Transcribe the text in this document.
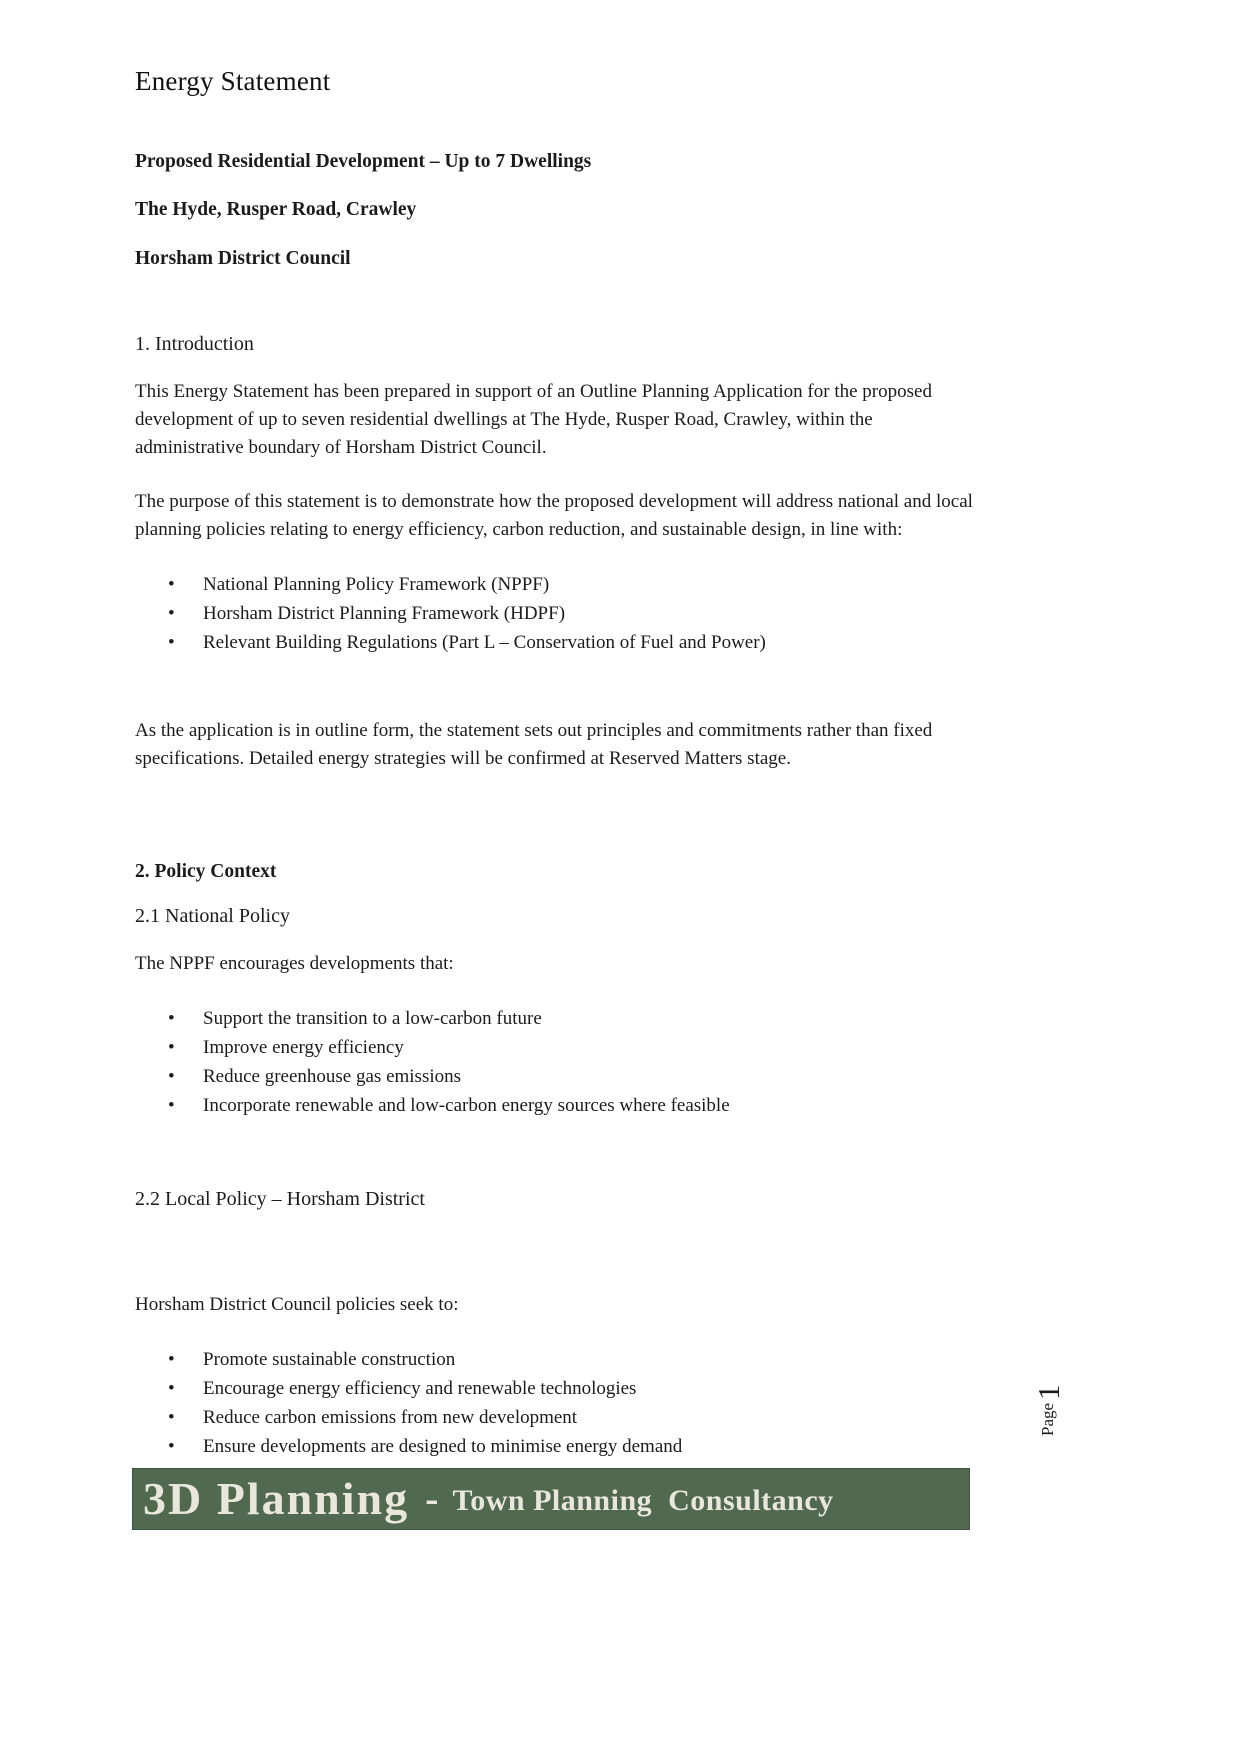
Energy Statement
Proposed Residential Development – Up to 7 Dwellings
The Hyde, Rusper Road, Crawley
Horsham District Council
1. Introduction

This Energy Statement has been prepared in support of an Outline Planning Application for the proposed development of up to seven residential dwellings at The Hyde, Rusper Road, Crawley, within the administrative boundary of Horsham District Council.

The purpose of this statement is to demonstrate how the proposed development will address national and local planning policies relating to energy efficiency, carbon reduction, and sustainable design, in line with:

• National Planning Policy Framework (NPPF)
• Horsham District Planning Framework (HDPF)
• Relevant Building Regulations (Part L – Conservation of Fuel and Power)

As the application is in outline form, the statement sets out principles and commitments rather than fixed specifications. Detailed energy strategies will be confirmed at Reserved Matters stage.

2. Policy Context
2.1 National Policy

The NPPF encourages developments that:

• Support the transition to a low-carbon future
• Improve energy efficiency
• Reduce greenhouse gas emissions
• Incorporate renewable and low-carbon energy sources where feasible
2.2 Local Policy – Horsham District

Horsham District Council policies seek to:

• Promote sustainable construction
• Encourage energy efficiency and renewable technologies
• Reduce carbon emissions from new development
• Ensure developments are designed to minimise energy demand
Page
1
3D Planning - Town Planning Consultancy
